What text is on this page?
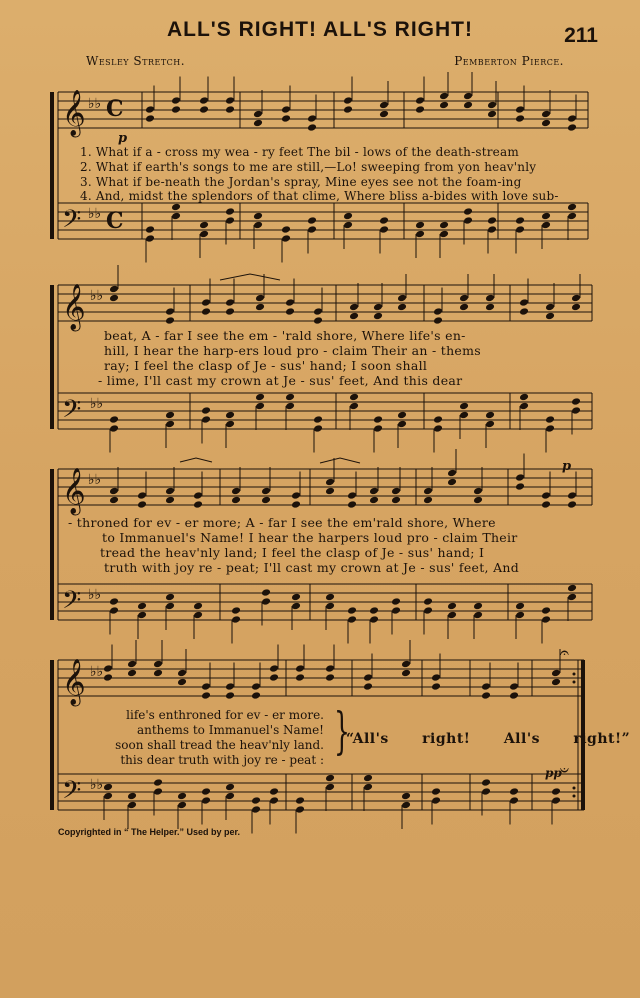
ALL'S RIGHT! ALL'S RIGHT!	211
Wesley Stretch.	Pemberton Pierce.
𝄞
𝄢
♭♭
♭♭
C
C
p
1. What if a - cross my wea - ry feet The bil - lows of the death-stream
2. What if earth's songs to me are still,—Lo! sweeping from yon heav'nly
3. What if be-neath the Jordan's spray, Mine eyes see not the foam-ing
4. And, midst the splendors of that clime, Where bliss a-bides with love sub-
𝄞
𝄢
♭♭
♭♭
beat, A - far I see the em - 'rald shore, Where life's en-
hill, I hear the harp-ers loud pro - claim Their an - thems
ray; I feel the clasp of Je - sus' hand; I soon shall
- lime, I'll cast my crown at Je - sus' feet, And this dear
𝄞
𝄢
♭♭
♭♭
p
- throned for ev - er more; A - far I see the em'rald shore, Where
to Immanuel's Name! I hear the harpers loud pro - claim Their
tread the heav'nly land; I feel the clasp of Je - sus' hand; I
truth with joy re - peat; I'll cast my crown at Je - sus' feet, And
𝄞
𝄢
♭♭
♭♭
𝄐
𝄑
pp
life's enthroned for ev - er more.
anthems to Immanuel's Name!
soon shall tread the heav'nly land.
this dear truth with joy re - peat : }
“All's right! All's right!”
Copyrighted in “ The Helper.” Used by per.
